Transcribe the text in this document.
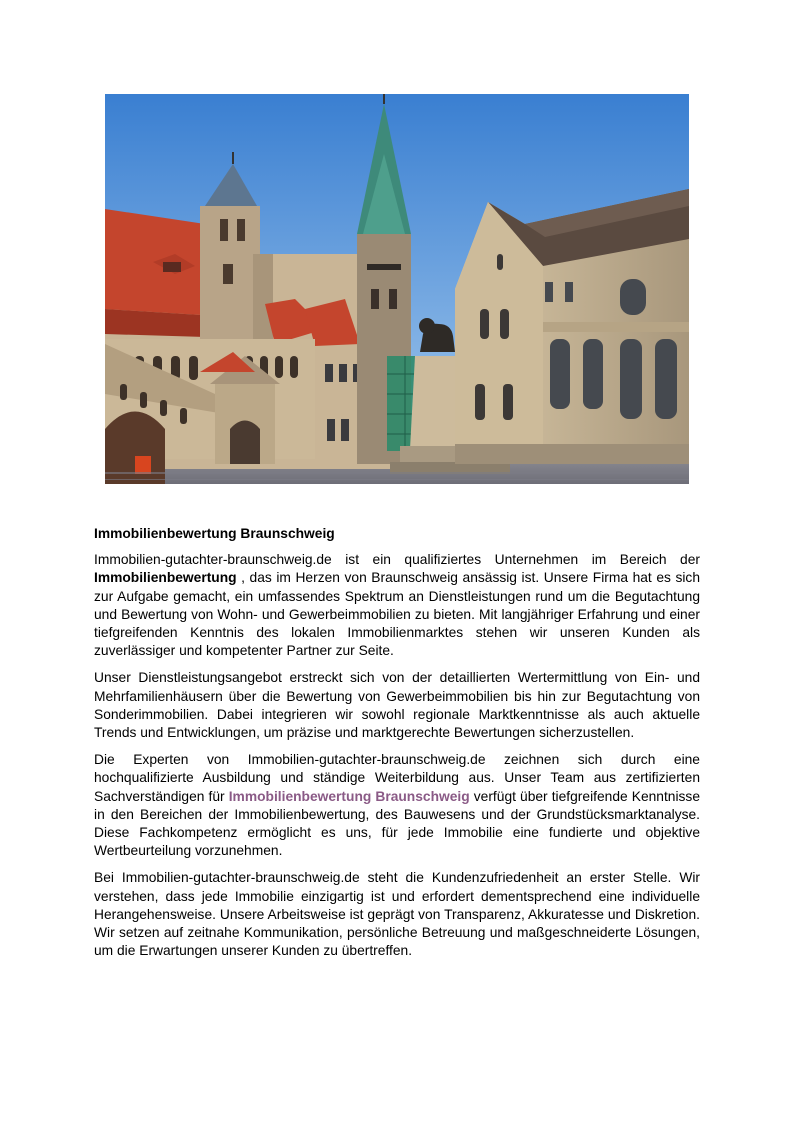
Immobilienbewertung Braunschweig

Immobilien-gutachter-braunschweig.de ist ein qualifiziertes Unternehmen im Bereich der Immobilienbewertung , das im Herzen von Braunschweig ansässig ist. Unsere Firma hat es sich zur Aufgabe gemacht, ein umfassendes Spektrum an Dienstleistungen rund um die Begutachtung und Bewertung von Wohn- und Gewerbeimmobilien zu bieten. Mit langjähriger Erfahrung und einer tiefgreifenden Kenntnis des lokalen Immobilienmarktes stehen wir unseren Kunden als zuverlässiger und kompetenter Partner zur Seite.

Unser Dienstleistungsangebot erstreckt sich von der detaillierten Wertermittlung von Ein- und Mehrfamilienhäusern über die Bewertung von Gewerbeimmobilien bis hin zur Begutachtung von Sonderimmobilien. Dabei integrieren wir sowohl regionale Marktkenntnisse als auch aktuelle Trends und Entwicklungen, um präzise und marktgerechte Bewertungen sicherzustellen.

Die Experten von Immobilien-gutachter-braunschweig.de zeichnen sich durch eine hochqualifizierte Ausbildung und ständige Weiterbildung aus. Unser Team aus zertifizierten Sachverständigen für Immobilienbewertung Braunschweig verfügt über tiefgreifende Kenntnisse in den Bereichen der Immobilienbewertung, des Bauwesens und der Grundstücksmarktanalyse. Diese Fachkompetenz ermöglicht es uns, für jede Immobilie eine fundierte und objektive Wertbeurteilung vorzunehmen.

Bei Immobilien-gutachter-braunschweig.de steht die Kundenzufriedenheit an erster Stelle. Wir verstehen, dass jede Immobilie einzigartig ist und erfordert dementsprechend eine individuelle Herangehensweise. Unsere Arbeitsweise ist geprägt von Transparenz, Akkuratesse und Diskretion. Wir setzen auf zeitnahe Kommunikation, persönliche Betreuung und maßgeschneiderte Lösungen, um die Erwartungen unserer Kunden zu übertreffen.
